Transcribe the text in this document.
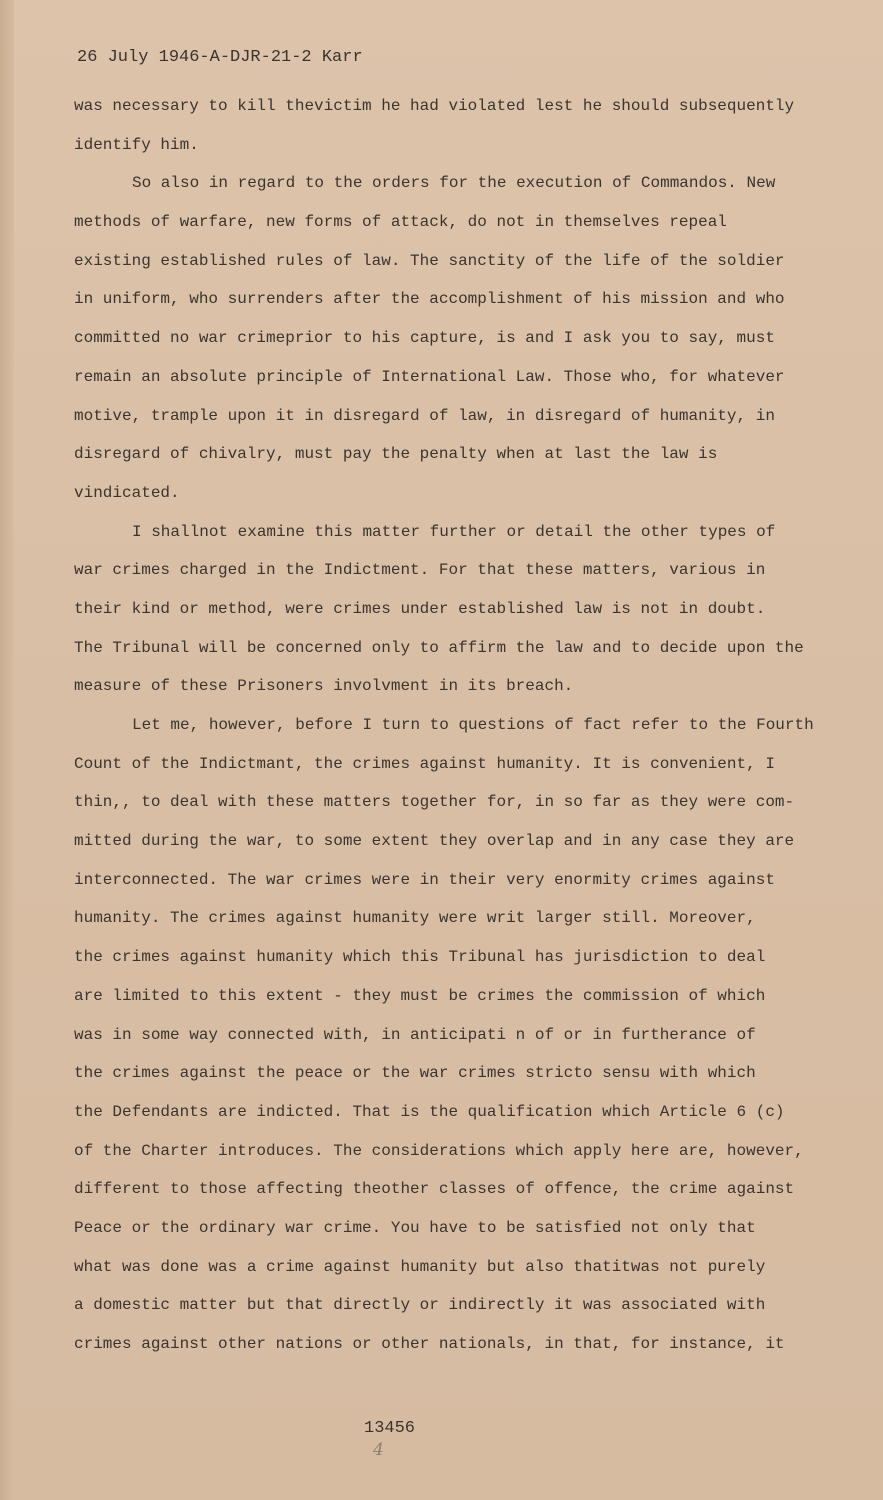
26 July 1946-A-DJR-21-2 Karr
was necessary to kill thevictim he had violated lest he should subsequently
identify him.
So also in regard to the orders for the execution of Commandos. New
methods of warfare, new forms of attack, do not in themselves repeal
existing established rules of law. The sanctity of the life of the soldier
in uniform, who surrenders after the accomplishment of his mission and who
committed no war crimeprior to his capture, is and I ask you to say, must
remain an absolute principle of International Law. Those who, for whatever
motive, trample upon it in disregard of law, in disregard of humanity, in
disregard of chivalry, must pay the penalty when at last the law is
vindicated.
I shallnot examine this matter further or detail the other types of
war crimes charged in the Indictment. For that these matters, various in
their kind or method, were crimes under established law is not in doubt.
The Tribunal will be concerned only to affirm the law and to decide upon the
measure of these Prisoners involvment in its breach.
Let me, however, before I turn to questions of fact refer to the Fourth
Count of the Indictmant, the crimes against humanity. It is convenient, I
thin,, to deal with these matters together for, in so far as they were com-
mitted during the war, to some extent they overlap and in any case they are
interconnected. The war crimes were in their very enormity crimes against
humanity. The crimes against humanity were writ larger still. Moreover,
the crimes against humanity which this Tribunal has jurisdiction to deal
are limited to this extent - they must be crimes the commission of which
was in some way connected with, in anticipati n of or in furtherance of
the crimes against the peace or the war crimes stricto sensu with which
the Defendants are indicted. That is the qualification which Article 6 (c)
of the Charter introduces. The considerations which apply here are, however,
different to those affecting theother classes of offence, the crime against
Peace or the ordinary war crime. You have to be satisfied not only that
what was done was a crime against humanity but also thatitwas not purely
a domestic matter but that directly or indirectly it was associated with
crimes against other nations or other nationals, in that, for instance, it
13456
4
